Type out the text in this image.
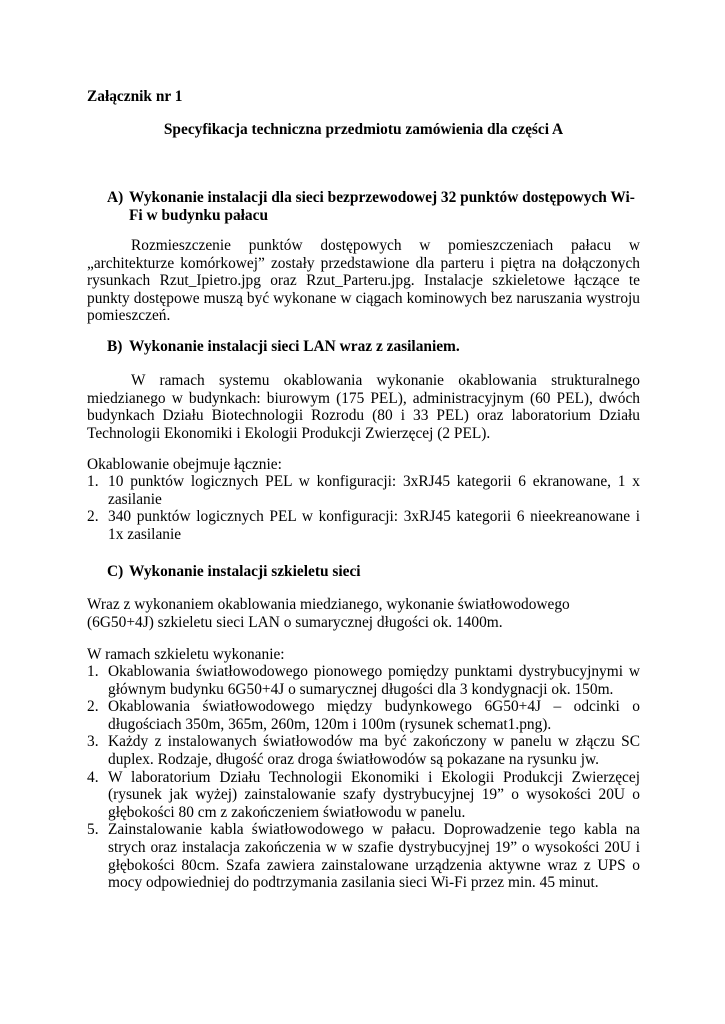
Załącznik nr 1

Specyfikacja techniczna przedmiotu zamówienia dla części A

A) Wykonanie instalacji dla sieci bezprzewodowej 32 punktów dostępowych Wi-Fi w budynku pałacu

Rozmieszczenie punktów dostępowych w pomieszczeniach pałacu w „architekturze komórkowej” zostały przedstawione dla parteru i piętra na dołączonych rysunkach Rzut_Ipietro.jpg oraz Rzut_Parteru.jpg. Instalacje szkieletowe łączące te punkty dostępowe muszą być wykonane w ciągach kominowych bez naruszania wystroju pomieszczeń.

B) Wykonanie instalacji sieci LAN wraz z zasilaniem.

W ramach systemu okablowania wykonanie okablowania strukturalnego miedzianego w budynkach: biurowym (175 PEL), administracyjnym (60 PEL), dwóch budynkach Działu Biotechnologii Rozrodu (80 i 33 PEL) oraz laboratorium Działu Technologii Ekonomiki i Ekologii Produkcji Zwierzęcej (2 PEL).

Okablowanie obejmuje łącznie:

1. 10 punktów logicznych PEL w konfiguracji: 3xRJ45 kategorii 6 ekranowane, 1 x zasilanie
2. 340 punktów logicznych PEL w konfiguracji: 3xRJ45 kategorii 6 nieekreanowane i 1x zasilanie
C) Wykonanie instalacji szkieletu sieci

Wraz z wykonaniem okablowania miedzianego, wykonanie światłowodowego (6G50+4J) szkieletu sieci LAN o sumarycznej długości ok. 1400m.

W ramach szkieletu wykonanie:

1. Okablowania światłowodowego pionowego pomiędzy punktami dystrybucyjnymi w głównym budynku 6G50+4J o sumarycznej długości dla 3 kondygnacji ok. 150m.
2. Okablowania światłowodowego między budynkowego 6G50+4J – odcinki o długościach 350m, 365m, 260m, 120m i 100m (rysunek schemat1.png).
3. Każdy z instalowanych światłowodów ma być zakończony w panelu w złączu SC duplex. Rodzaje, długość oraz droga światłowodów są pokazane na rysunku jw.
4. W laboratorium Działu Technologii Ekonomiki i Ekologii Produkcji Zwierzęcej (rysunek jak wyżej) zainstalowanie szafy dystrybucyjnej 19” o wysokości 20U o głębokości 80 cm z zakończeniem światłowodu w panelu.
5. Zainstalowanie kabla światłowodowego w pałacu. Doprowadzenie tego kabla na strych oraz instalacja zakończenia w w szafie dystrybucyjnej 19” o wysokości 20U i głębokości 80cm. Szafa zawiera zainstalowane urządzenia aktywne wraz z UPS o mocy odpowiedniej do podtrzymania zasilania sieci Wi-Fi przez min. 45 minut.
